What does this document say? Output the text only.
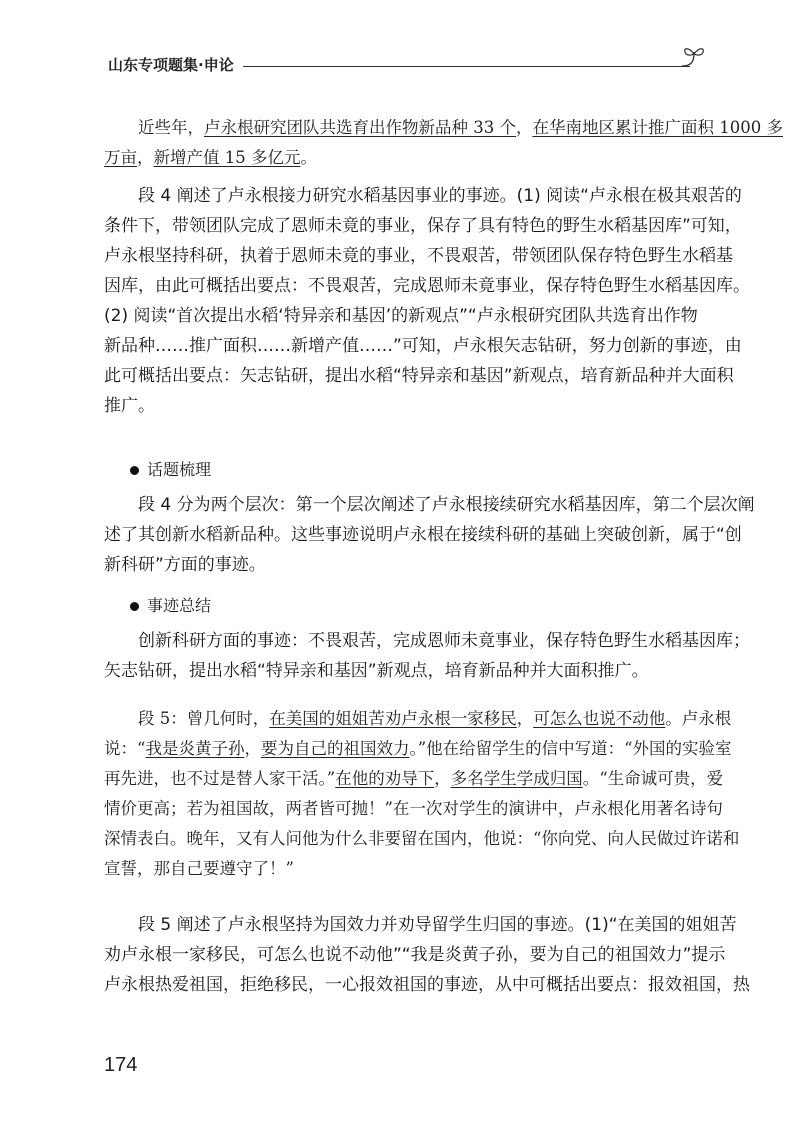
山东专项题集·申论
近些年，卢永根研究团队共选育出作物新品种 33 个，在华南地区累计推广面积 1000 多
万亩，新增产值 15 多亿元。
段 4 阐述了卢永根接力研究水稻基因事业的事迹。(1) 阅读“卢永根在极其艰苦的
条件下，带领团队完成了恩师未竟的事业，保存了具有特色的野生水稻基因库”可知，
卢永根坚持科研，执着于恩师未竟的事业，不畏艰苦，带领团队保存特色野生水稻基
因库，由此可概括出要点：不畏艰苦，完成恩师未竟事业，保存特色野生水稻基因库。
(2) 阅读“首次提出水稻‘特异亲和基因’的新观点”“卢永根研究团队共选育出作物
新品种……推广面积……新增产值……”可知，卢永根矢志钻研，努力创新的事迹，由
此可概括出要点：矢志钻研，提出水稻“特异亲和基因”新观点，培育新品种并大面积
推广。
话题梳理
段 4 分为两个层次：第一个层次阐述了卢永根接续研究水稻基因库，第二个层次阐
述了其创新水稻新品种。这些事迹说明卢永根在接续科研的基础上突破创新，属于“创
新科研”方面的事迹。
事迹总结
创新科研方面的事迹：不畏艰苦，完成恩师未竟事业，保存特色野生水稻基因库；
矢志钻研，提出水稻“特异亲和基因”新观点，培育新品种并大面积推广。
段 5：曾几何时，在美国的姐姐苦劝卢永根一家移民，可怎么也说不动他。卢永根
说：“我是炎黄子孙，要为自己的祖国效力。”他在给留学生的信中写道：“外国的实验室
再先进，也不过是替人家干活。”在他的劝导下，多名学生学成归国。“生命诚可贵，爱
情价更高；若为祖国故，两者皆可抛！”在一次对学生的演讲中，卢永根化用著名诗句
深情表白。晚年，又有人问他为什么非要留在国内，他说：“你向党、向人民做过许诺和
宣誓，那自己要遵守了！”
段 5 阐述了卢永根坚持为国效力并劝导留学生归国的事迹。(1)“在美国的姐姐苦
劝卢永根一家移民，可怎么也说不动他”“我是炎黄子孙，要为自己的祖国效力”提示
卢永根热爱祖国，拒绝移民，一心报效祖国的事迹，从中可概括出要点：报效祖国，热
174
